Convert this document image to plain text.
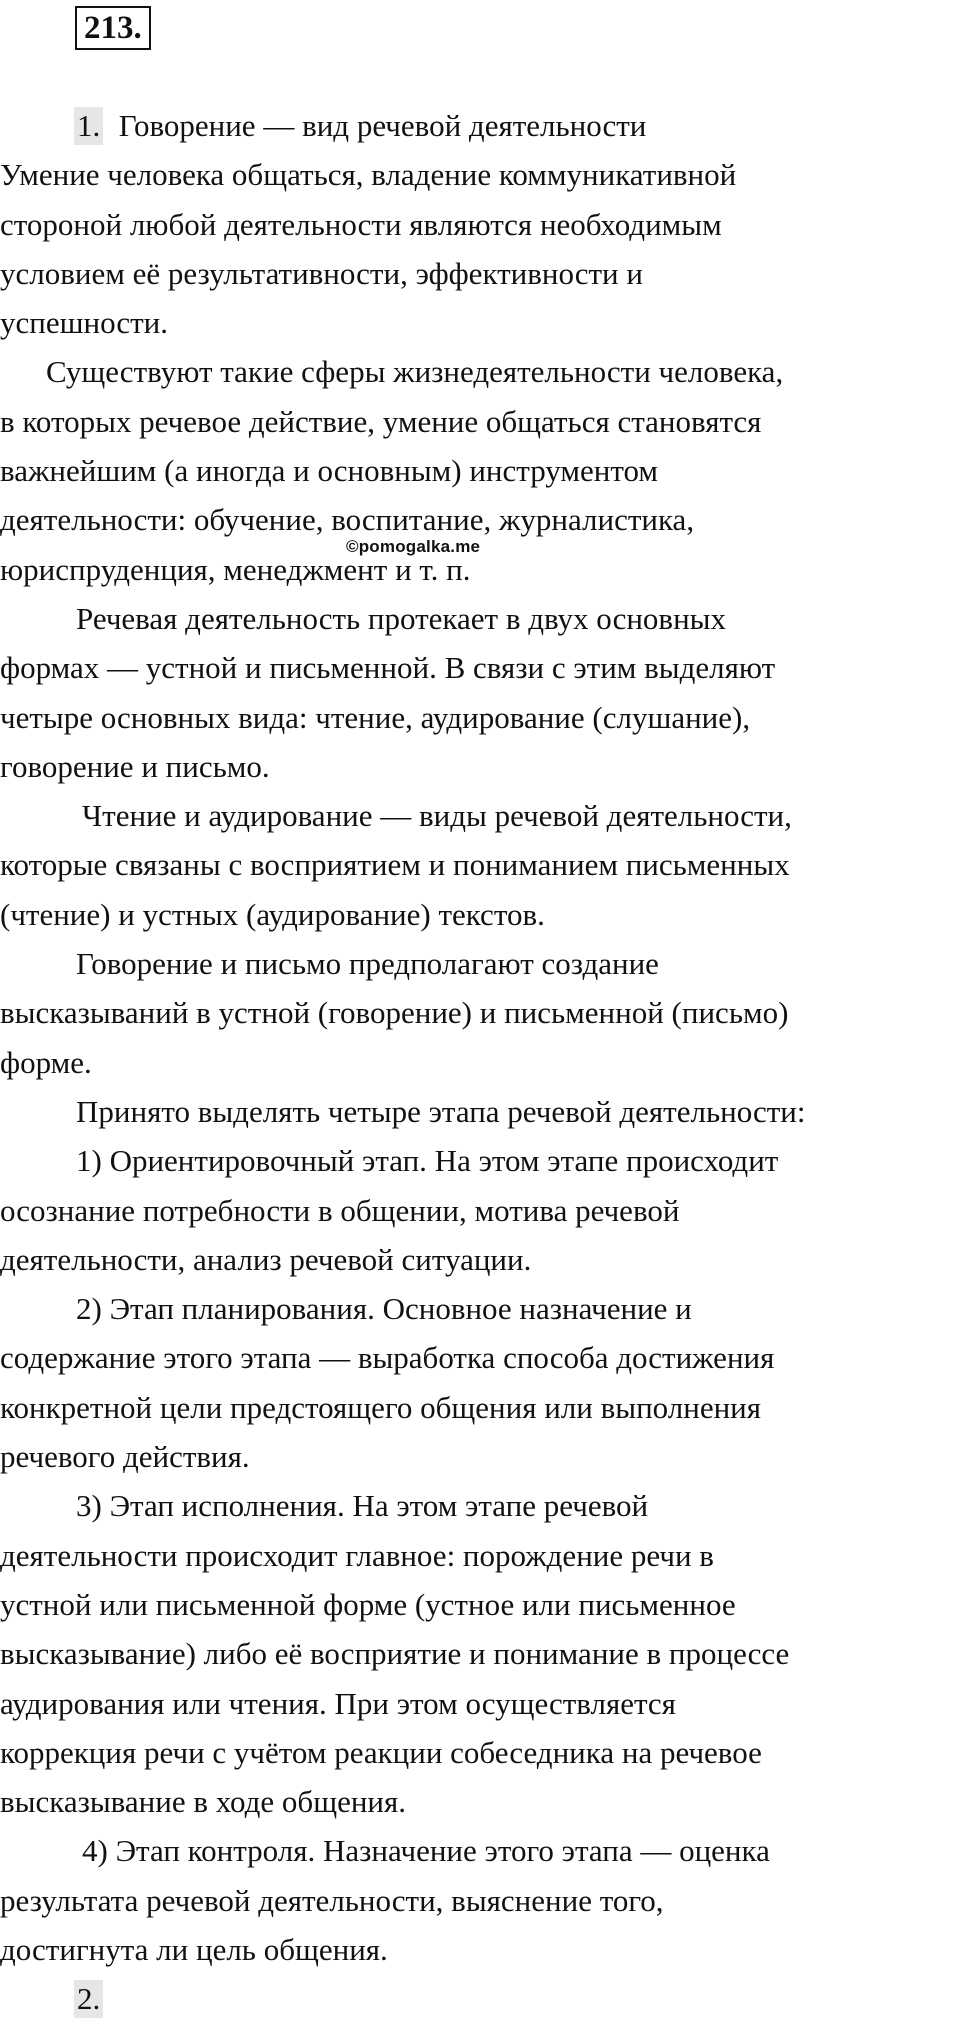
213.
1. Говорение — вид речевой деятельности
Умение человека общаться, владение коммуникативной
стороной любой деятельности являются необходимым
условием её результативности, эффективности и
успешности.
Существуют такие сферы жизнедеятельности человека,
в которых речевое действие, умение общаться становятся
важнейшим (а иногда и основным) инструментом
деятельности: обучение, воспитание, журналистика,
юриспруденция, менеджмент и т. п.
Речевая деятельность протекает в двух основных
формах — устной и письменной. В связи с этим выделяют
четыре основных вида: чтение, аудирование (слушание),
говорение и письмо.
Чтение и аудирование — виды речевой деятельности,
которые связаны с восприятием и пониманием письменных
(чтение) и устных (аудирование) текстов.
Говорение и письмо предполагают создание
высказываний в устной (говорение) и письменной (письмо)
форме.
Принято выделять четыре этапа речевой деятельности:
1) Ориентировочный этап. На этом этапе происходит
осознание потребности в общении, мотива речевой
деятельности, анализ речевой ситуации.
2) Этап планирования. Основное назначение и
содержание этого этапа — выработка способа достижения
конкретной цели предстоящего общения или выполнения
речевого действия.
3) Этап исполнения. На этом этапе речевой
деятельности происходит главное: порождение речи в
устной или письменной форме (устное или письменное
высказывание) либо её восприятие и понимание в процессе
аудирования или чтения. При этом осуществляется
коррекция речи с учётом реакции собеседника на речевое
высказывание в ходе общения.
4) Этап контроля. Назначение этого этапа — оценка
результата речевой деятельности, выяснение того,
достигнута ли цель общения.
2.
©pomogalka.me
